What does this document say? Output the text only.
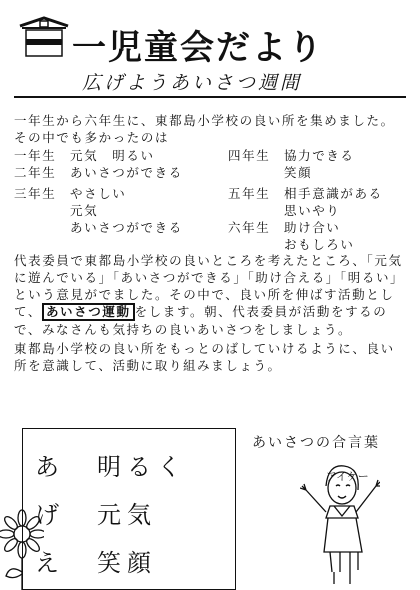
一児童会だより
広げようあいさつ週間
一年生から六年生に、東都島小学校の良い所を集めました。その中でも多かったのは
一年生 元気　明るい
二年生 あいさつができる
三年生 やさしい
元気
あいさつができる
四年生 協力できる
笑顔
五年生 相手意識がある
思いやり
六年生 助け合い
おもしろい
代表委員で東都島小学校の良いところを考えたところ、「元気に遊んでいる」「あいさつができる」「助け合える」「明るい」という意見がでました。その中で、良い所を伸ばす活動として、 あいさつ運動 をします。朝、代表委員が活動をするので、みなさんも気持ちの良いあいさつをしましょう。
東都島小学校の良い所をもっとのばしていけるように、良い所を意識して、活動に取り組みましょう。
あ 明るく
げ 元気
え 笑顔
あいさつの合言葉
アイケー
